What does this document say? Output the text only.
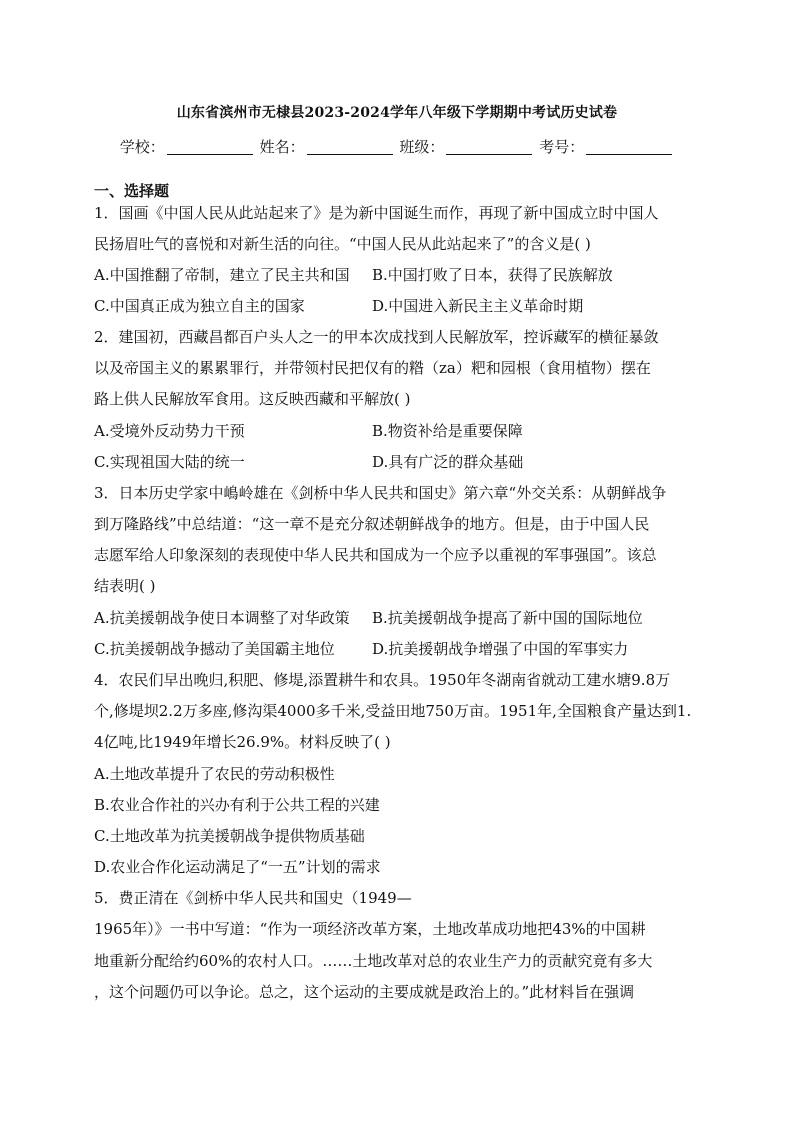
山东省滨州市无棣县2023-2024学年八年级下学期期中考试历史试卷
学校：	姓名：	班级：	考号：
一、选择题
1．国画《中国人民从此站起来了》是为新中国诞生而作，再现了新中国成立时中国人
民扬眉吐气的喜悦和对新生活的向往。“中国人民从此站起来了”的含义是( )
A.中国推翻了帝制，建立了民主共和国 B.中国打败了日本，获得了民族解放
C.中国真正成为独立自主的国家	D.中国进入新民主主义革命时期
2．建国初，西藏昌都百户头人之一的甲本次成找到人民解放军，控诉藏军的横征暴敛
以及帝国主义的累累罪行，并带领村民把仅有的糌（za）粑和园根（食用植物）摆在
路上供人民解放军食用。这反映西藏和平解放( )
A.受境外反动势力干预	B.物资补给是重要保障
C.实现祖国大陆的统一	D.具有广泛的群众基础
3．日本历史学家中嶋岭雄在《剑桥中华人民共和国史》第六章“外交关系：从朝鲜战争
到万隆路线”中总结道：“这一章不是充分叙述朝鲜战争的地方。但是，由于中国人民
志愿军给人印象深刻的表现使中华人民共和国成为一个应予以重视的军事强国”。该总
结表明( )
A.抗美援朝战争使日本调整了对华政策 B.抗美援朝战争提高了新中国的国际地位
C.抗美援朝战争撼动了美国霸主地位 D.抗美援朝战争增强了中国的军事实力
4．农民们早出晚归,积肥、修堤,添置耕牛和农具。1950年冬湖南省就动工建水塘9.8万
个,修堤坝2.2万多座,修沟渠4000多千米,受益田地750万亩。1951年,全国粮食产量达到1.
4亿吨,比1949年增长26.9%。材料反映了( )
A.土地改革提升了农民的劳动积极性
B.农业合作社的兴办有利于公共工程的兴建
C.土地改革为抗美援朝战争提供物质基础
D.农业合作化运动满足了“一五”计划的需求
5．费正清在《剑桥中华人民共和国史（1949—
1965年）》一书中写道：“作为一项经济改革方案，土地改革成功地把43%的中国耕
地重新分配给约60%的农村人口。……土地改革对总的农业生产力的贡献究竟有多大
，这个问题仍可以争论。总之，这个运动的主要成就是政治上的。”此材料旨在强调
